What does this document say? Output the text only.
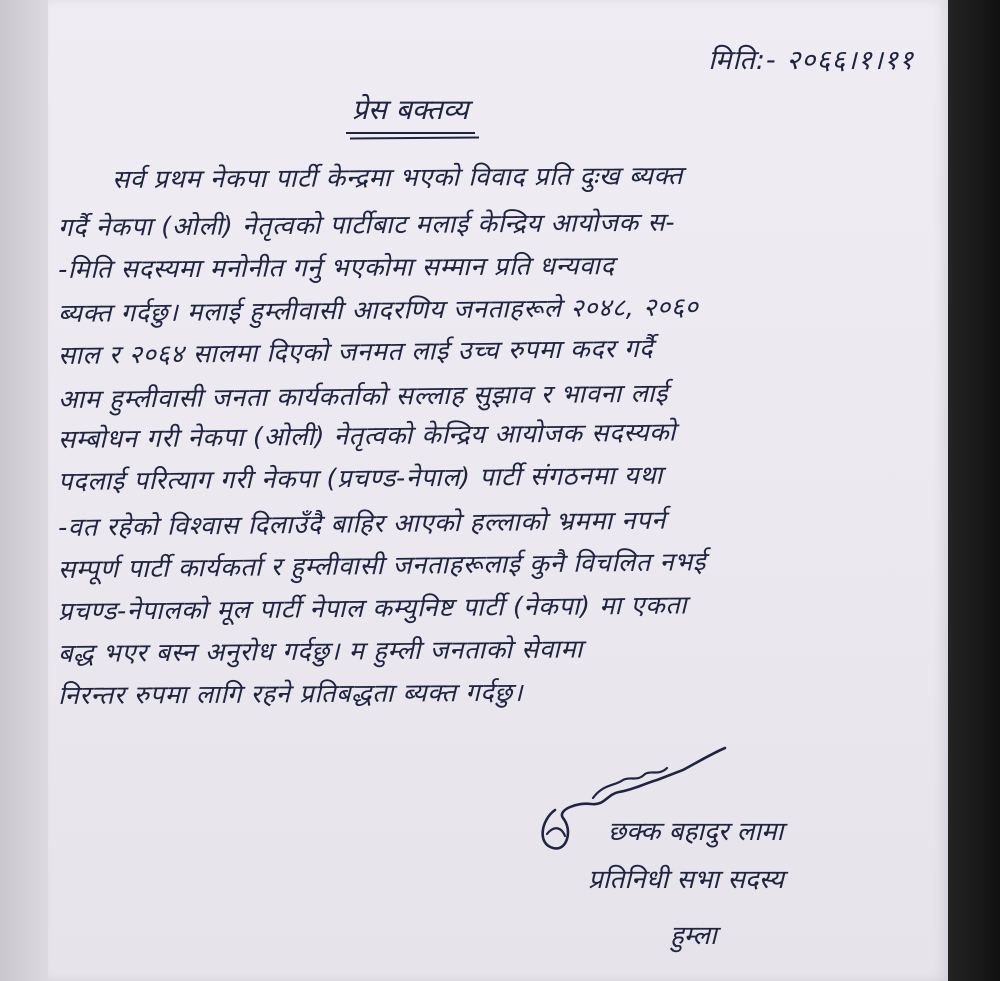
मिति:- २०६६।१।११
प्रेस बक्तव्य
सर्व प्रथम नेकपा पार्टी केन्द्रमा भएको विवाद प्रति दुःख ब्यक्त
गर्दै नेकपा (ओली) नेतृत्वको पार्टीबाट मलाई केन्द्रिय आयोजक स-
-मिति सदस्यमा मनोनीत गर्नु भएकोमा सम्मान प्रति धन्यवाद
ब्यक्त गर्दछु। मलाई हुम्लीवासी आदरणिय जनताहरूले २०४८, २०६०
साल र २०६४ सालमा दिएको जनमत लाई उच्च रुपमा कदर गर्दै
आम हुम्लीवासी जनता कार्यकर्ताको सल्लाह सुझाव र भावना लाई
सम्बोधन गरी नेकपा (ओली) नेतृत्वको केन्द्रिय आयोजक सदस्यको
पदलाई परित्याग गरी नेकपा (प्रचण्ड-नेपाल) पार्टी संगठनमा यथा
-वत रहेको विश्वास दिलाउँदै बाहिर आएको हल्लाको भ्रममा नपर्न
सम्पूर्ण पार्टी कार्यकर्ता र हुम्लीवासी जनताहरूलाई कुनै विचलित नभई
प्रचण्ड-नेपालको मूल पार्टी नेपाल कम्युनिष्ट पार्टी (नेकपा) मा एकता
बद्ध भएर बस्न अनुरोध गर्दछु। म हुम्ली जनताको सेवामा
निरन्तर रुपमा लागि रहने प्रतिबद्धता ब्यक्त गर्दछु।
छक्क बहादुर लामा
प्रतिनिधी सभा सदस्य
हुम्ला
